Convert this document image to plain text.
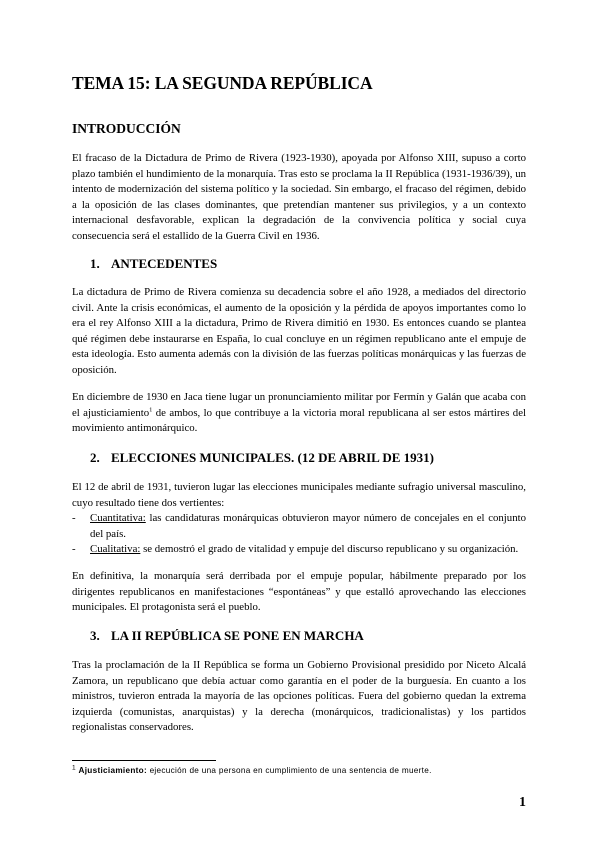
TEMA 15: LA SEGUNDA REPÚBLICA
INTRODUCCIÓN
El fracaso de la Dictadura de Primo de Rivera (1923-1930), apoyada por Alfonso XIII, supuso a corto plazo también el hundimiento de la monarquía. Tras esto se proclama la II República (1931-1936/39), un intento de modernización del sistema político y la sociedad. Sin embargo, el fracaso del régimen, debido a la oposición de las clases dominantes, que pretendían mantener sus privilegios, y a un contexto internacional desfavorable, explican la degradación de la convivencia política y social cuya consecuencia será el estallido de la Guerra Civil en 1936.
1. ANTECEDENTES
La dictadura de Primo de Rivera comienza su decadencia sobre el año 1928, a mediados del directorio civil. Ante la crisis económicas, el aumento de la oposición y la pérdida de apoyos importantes como lo era el rey Alfonso XIII a la dictadura, Primo de Rivera dimitió en 1930. Es entonces cuando se plantea qué régimen debe instaurarse en España, lo cual concluye en un régimen republicano ante el empuje de esta ideología. Esto aumenta además con la división de las fuerzas políticas monárquicas y las fuerzas de oposición.
En diciembre de 1930 en Jaca tiene lugar un pronunciamiento militar por Fermín y Galán que acaba con el ajusticiamiento$^1$ de ambos, lo que contribuye a la victoria moral republicana al ser estos mártires del movimiento antimonárquico.
2. ELECCIONES MUNICIPALES. (12 DE ABRIL DE 1931)
El 12 de abril de 1931, tuvieron lugar las elecciones municipales mediante sufragio universal masculino, cuyo resultado tiene dos vertientes:
- Cuantitativa: las candidaturas monárquicas obtuvieron mayor número de concejales en el conjunto del país.
- Cualitativa: se demostró el grado de vitalidad y empuje del discurso republicano y su organización.
En definitiva, la monarquía será derribada por el empuje popular, hábilmente preparado por los dirigentes republicanos en manifestaciones “espontáneas” y que estalló aprovechando las elecciones municipales. El protagonista será el pueblo.
3. LA II REPÚBLICA SE PONE EN MARCHA
Tras la proclamación de la II República se forma un Gobierno Provisional presidido por Niceto Alcalá Zamora, un republicano que debía actuar como garantía en el poder de la burguesía. En cuanto a los ministros, tuvieron entrada la mayoría de las opciones políticas. Fuera del gobierno quedan la extrema izquierda (comunistas, anarquistas) y la derecha (monárquicos, tradicionalistas) y los partidos regionalistas conservadores.
$^1$ Ajusticiamiento: ejecución de una persona en cumplimiento de una sentencia de muerte.
1
